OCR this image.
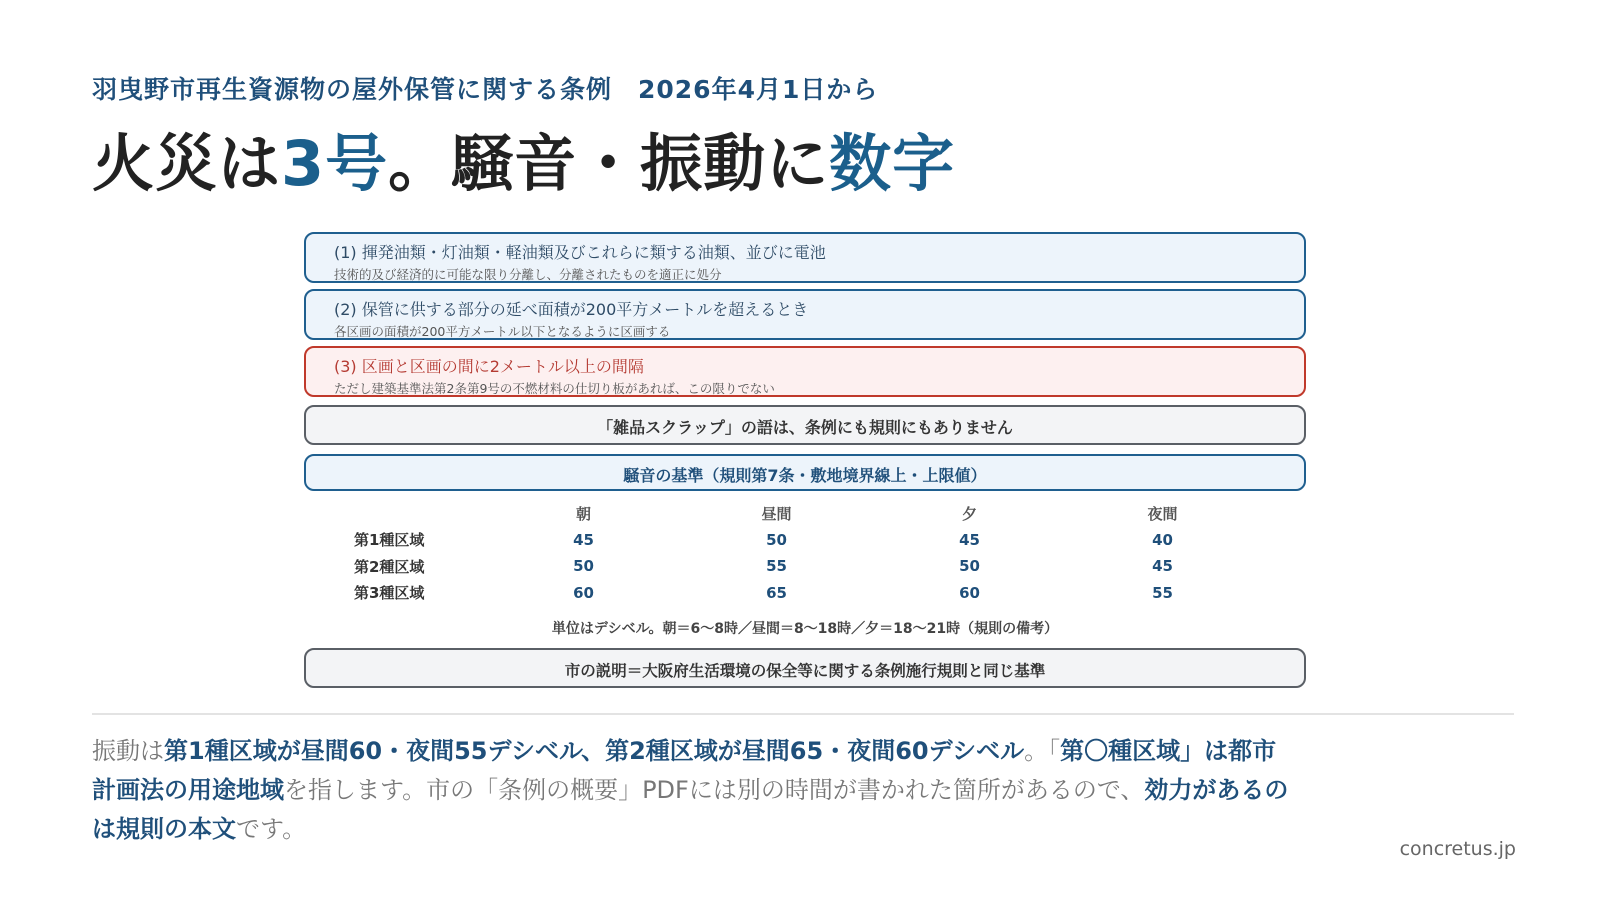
羽曳野市再生資源物の屋外保管に関する条例　2026年4月1日から
火災は3号。騒音・振動に数字
(1) 揮発油類・灯油類・軽油類及びこれらに類する油類、並びに電池
技術的及び経済的に可能な限り分離し、分離されたものを適正に処分
(2) 保管に供する部分の延べ面積が200平方メートルを超えるとき
各区画の面積が200平方メートル以下となるように区画する
(3) 区画と区画の間に2メートル以上の間隔
ただし建築基準法第2条第9号の不燃材料の仕切り板があれば、この限りでない
「雑品スクラップ」の語は、条例にも規則にもありません
騒音の基準（規則第7条・敷地境界線上・上限値）
	朝	昼間	夕	夜間
第1種区域	45	50	45	40
第2種区域	50	55	50	45
第3種区域	60	65	60	55
市の説明＝大阪府生活環境の保全等に関する条例施行規則と同じ基準
単位はデシベル。朝＝6〜8時／昼間＝8〜18時／夕＝18〜21時（規則の備考）
振動は第1種区域が昼間60・夜間55デシベル、第2種区域が昼間65・夜間60デシベル。「第〇種区域」は都市計画法の用途地域を指します。市の「条例の概要」PDFには別の時間が書かれた箇所があるので、効力があるのは規則の本文です。
concretus.jp
